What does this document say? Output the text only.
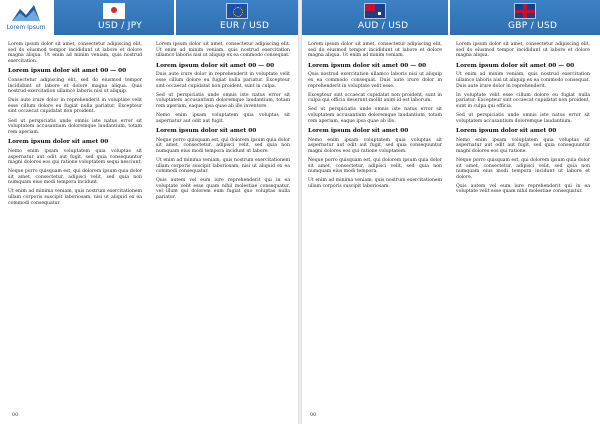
Lorem Ipsum	USD / JPY	EUR / USD

Lorem ipsum dolor sit amet, consectetur adipiscing elit, sed do eiusmod tempor incididunt ut labore et dolore magna aliqua. Ut enim ad minim veniam, quis nostrud exercitation.

Lorem ipsum dolor sit amet 00 — 00

Consectetur adipiscing elit, sed do eiusmod tempor incididunt ut labore et dolore magna aliqua. Quis nostrud exercitation ullamco laboris nisi ut aliquip.

Duis aute irure dolor in reprehenderit in voluptate velit esse cillum dolore eu fugiat nulla pariatur. Excepteur sint occaecat cupidatat non proident.

Sed ut perspiciatis unde omnis iste natus error sit voluptatem accusantium doloremque laudantium, totam rem aperiam.

Lorem ipsum dolor sit amet 00

Nemo enim ipsam voluptatem quia voluptas sit aspernatur aut odit aut fugit, sed quia consequuntur magni dolores eos qui ratione voluptatem sequi nesciunt.

Neque porro quisquam est, qui dolorem ipsum quia dolor sit amet, consectetur, adipisci velit, sed quia non numquam eius modi tempora incidunt.

Ut enim ad minima veniam, quis nostrum exercitationem ullam corporis suscipit laboriosam, nisi ut aliquid ex ea commodi consequatur.

Lorem ipsum dolor sit amet, consectetur adipiscing elit. Ut enim ad minim veniam, quis nostrud exercitation ullamco laboris nisi ut aliquip ex ea commodo consequat.

Lorem ipsum dolor sit amet 00 — 00

Duis aute irure dolor in reprehenderit in voluptate velit esse cillum dolore eu fugiat nulla pariatur. Excepteur sint occaecat cupidatat non proident, sunt in culpa.

Sed ut perspiciatis unde omnis iste natus error sit voluptatem accusantium doloremque laudantium, totam rem aperiam, eaque ipsa quae ab illo inventore.

Nemo enim ipsam voluptatem quia voluptas sit aspernatur aut odit aut fugit.

Lorem ipsum dolor sit amet 00

Neque porro quisquam est, qui dolorem ipsum quia dolor sit amet, consectetur, adipisci velit, sed quia non numquam eius modi tempora incidunt ut labore.

Ut enim ad minima veniam, quis nostrum exercitationem ullam corporis suscipit laboriosam, nisi ut aliquid ex ea commodi consequatur.

Quis autem vel eum iure reprehenderit qui in ea voluptate velit esse quam nihil molestiae consequatur, vel illum qui dolorem eum fugiat quo voluptas nulla pariatur.

00
AUD / USD	GBP / USD

Lorem ipsum dolor sit amet, consectetur adipiscing elit, sed do eiusmod tempor incididunt ut labore et dolore magna aliqua. Ut enim ad minim veniam.

Lorem ipsum dolor sit amet 00 — 00

Quis nostrud exercitation ullamco laboris nisi ut aliquip ex ea commodo consequat. Duis aute irure dolor in reprehenderit in voluptate velit esse.

Excepteur sint occaecat cupidatat non proident, sunt in culpa qui officia deserunt mollit anim id est laborum.

Sed ut perspiciatis unde omnis iste natus error sit voluptatem accusantium doloremque laudantium, totam rem aperiam, eaque ipsa quae ab illo.

Lorem ipsum dolor sit amet 00

Nemo enim ipsam voluptatem quia voluptas sit aspernatur aut odit aut fugit, sed quia consequuntur magni dolores eos qui ratione voluptatem.

Neque porro quisquam est, qui dolorem ipsum quia dolor sit amet, consectetur, adipisci velit, sed quia non numquam eius modi tempora.

Ut enim ad minima veniam, quis nostrum exercitationem ullam corporis suscipit laboriosam.

Lorem ipsum dolor sit amet, consectetur adipiscing elit, sed do eiusmod tempor incididunt ut labore et dolore magna aliqua.

Lorem ipsum dolor sit amet 00 — 00

Ut enim ad minim veniam, quis nostrud exercitation ullamco laboris nisi ut aliquip ex ea commodo consequat. Duis aute irure dolor in reprehenderit.

In voluptate velit esse cillum dolore eu fugiat nulla pariatur. Excepteur sint occaecat cupidatat non proident, sunt in culpa qui officia.

Sed ut perspiciatis unde omnis iste natus error sit voluptatem accusantium doloremque laudantium.

Lorem ipsum dolor sit amet 00

Nemo enim ipsam voluptatem quia voluptas sit aspernatur aut odit aut fugit, sed quia consequuntur magni dolores eos qui ratione.

Neque porro quisquam est, qui dolorem ipsum quia dolor sit amet, consectetur, adipisci velit, sed quia non numquam eius modi tempora incidunt ut labore et dolore.

Quis autem vel eum iure reprehenderit qui in ea voluptate velit esse quam nihil molestiae consequatur.

00
